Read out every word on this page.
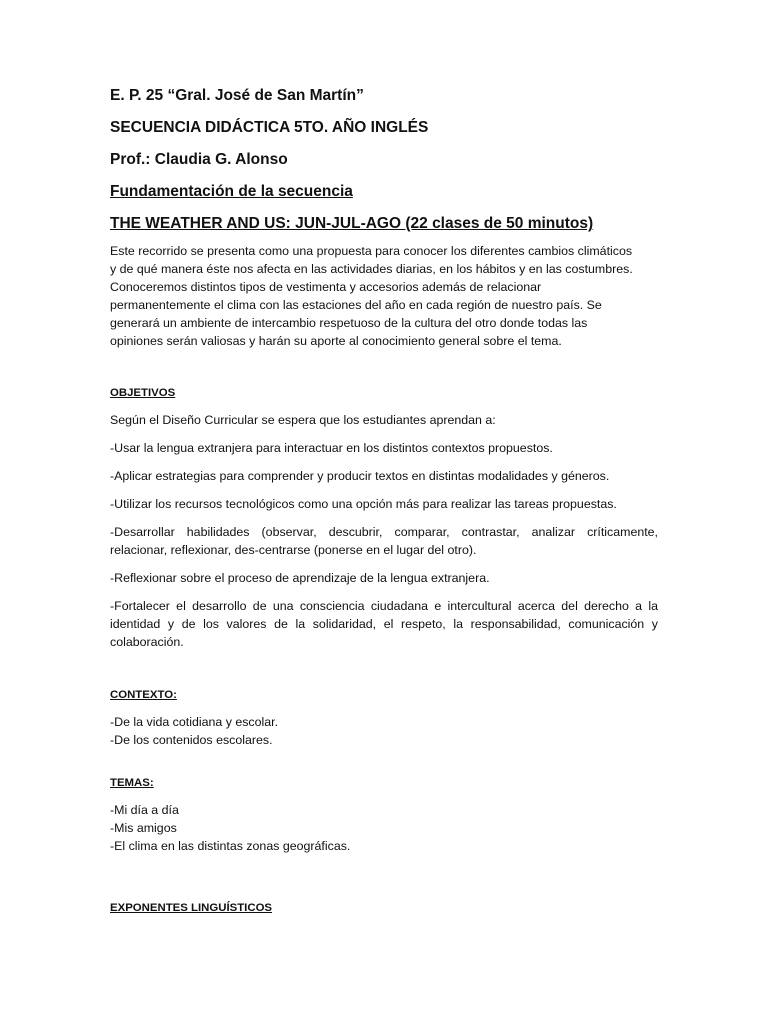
E. P. 25 “Gral. José de San Martín”
SECUENCIA DIDÁCTICA 5TO. AÑO INGLÉS
Prof.: Claudia G. Alonso
Fundamentación de la secuencia
THE WEATHER AND US: JUN-JUL-AGO (22 clases de 50 minutos)
Este recorrido se presenta como una propuesta para conocer los diferentes cambios climáticos
y de qué manera éste nos afecta en las actividades diarias, en los hábitos y en las costumbres.
Conoceremos distintos tipos de vestimenta y accesorios además de relacionar
permanentemente el clima con las estaciones del año en cada región de nuestro país. Se
generará un ambiente de intercambio respetuoso de la cultura del otro donde todas las
opiniones serán valiosas y harán su aporte al conocimiento general sobre el tema.
OBJETIVOS
Según el Diseño Curricular se espera que los estudiantes aprendan a:
-Usar la lengua extranjera para interactuar en los distintos contextos propuestos.
-Aplicar estrategias para comprender y producir textos en distintas modalidades y géneros.
-Utilizar los recursos tecnológicos como una opción más para realizar las tareas propuestas.
-Desarrollar habilidades (observar, descubrir, comparar, contrastar, analizar críticamente, relacionar, reflexionar, des-centrarse (ponerse en el lugar del otro).
-Reflexionar sobre el proceso de aprendizaje de la lengua extranjera.
-Fortalecer el desarrollo de una consciencia ciudadana e intercultural acerca del derecho a la identidad y de los valores de la solidaridad, el respeto, la responsabilidad, comunicación y colaboración.
CONTEXTO:
-De la vida cotidiana y escolar.
-De los contenidos escolares.
TEMAS:
-Mi día a día
-Mis amigos
-El clima en las distintas zonas geográficas.
EXPONENTES LINGUÍSTICOS
